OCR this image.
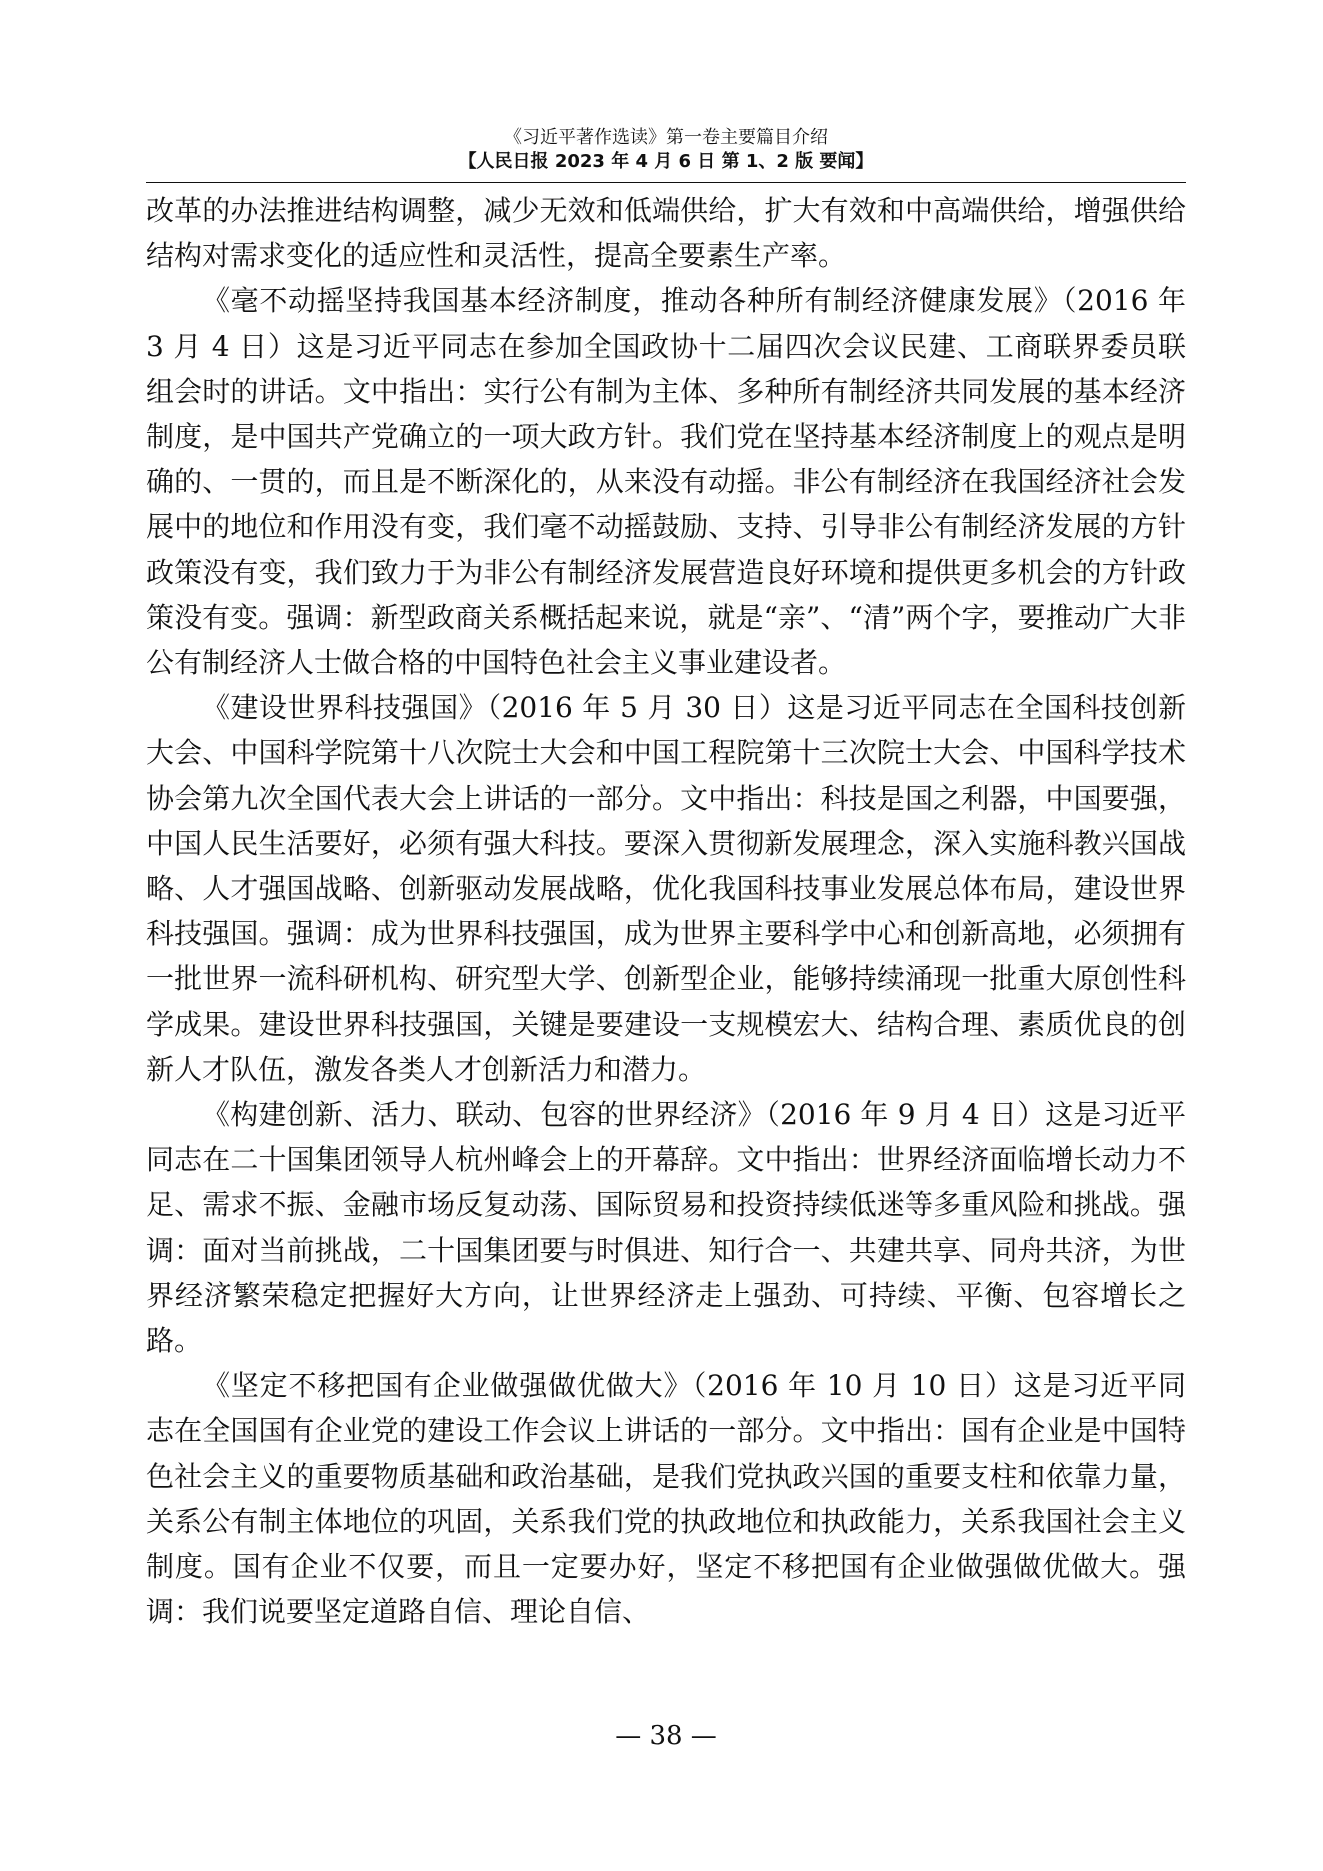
《习近平著作选读》第一卷主要篇目介绍
【人民日报 2023 年 4 月 6 日 第 1、2 版 要闻】

改革的办法推进结构调整，减少无效和低端供给，扩大有效和中高端供给，增强供给结构对需求变化的适应性和灵活性，提高全要素生产率。

《毫不动摇坚持我国基本经济制度，推动各种所有制经济健康发展》（2016 年 3 月 4 日）这是习近平同志在参加全国政协十二届四次会议民建、工商联界委员联组会时的讲话。文中指出：实行公有制为主体、多种所有制经济共同发展的基本经济制度，是中国共产党确立的一项大政方针。我们党在坚持基本经济制度上的观点是明确的、一贯的，而且是不断深化的，从来没有动摇。非公有制经济在我国经济社会发展中的地位和作用没有变，我们毫不动摇鼓励、支持、引导非公有制经济发展的方针政策没有变，我们致力于为非公有制经济发展营造良好环境和提供更多机会的方针政策没有变。强调：新型政商关系概括起来说，就是“亲”、“清”两个字，要推动广大非公有制经济人士做合格的中国特色社会主义事业建设者。

《建设世界科技强国》（2016 年 5 月 30 日）这是习近平同志在全国科技创新大会、中国科学院第十八次院士大会和中国工程院第十三次院士大会、中国科学技术协会第九次全国代表大会上讲话的一部分。文中指出：科技是国之利器，中国要强，中国人民生活要好，必须有强大科技。要深入贯彻新发展理念，深入实施科教兴国战略、人才强国战略、创新驱动发展战略，优化我国科技事业发展总体布局，建设世界科技强国。强调：成为世界科技强国，成为世界主要科学中心和创新高地，必须拥有一批世界一流科研机构、研究型大学、创新型企业，能够持续涌现一批重大原创性科学成果。建设世界科技强国，关键是要建设一支规模宏大、结构合理、素质优良的创新人才队伍，激发各类人才创新活力和潜力。

《构建创新、活力、联动、包容的世界经济》（2016 年 9 月 4 日）这是习近平同志在二十国集团领导人杭州峰会上的开幕辞。文中指出：世界经济面临增长动力不足、需求不振、金融市场反复动荡、国际贸易和投资持续低迷等多重风险和挑战。强调：面对当前挑战，二十国集团要与时俱进、知行合一、共建共享、同舟共济，为世界经济繁荣稳定把握好大方向，让世界经济走上强劲、可持续、平衡、包容增长之路。

《坚定不移把国有企业做强做优做大》（2016 年 10 月 10 日）这是习近平同志在全国国有企业党的建设工作会议上讲话的一部分。文中指出：国有企业是中国特色社会主义的重要物质基础和政治基础，是我们党执政兴国的重要支柱和依靠力量，关系公有制主体地位的巩固，关系我们党的执政地位和执政能力，关系我国社会主义制度。国有企业不仅要，而且一定要办好，坚定不移把国有企业做强做优做大。强调：我们说要坚定道路自信、理论自信、

— 38 —
